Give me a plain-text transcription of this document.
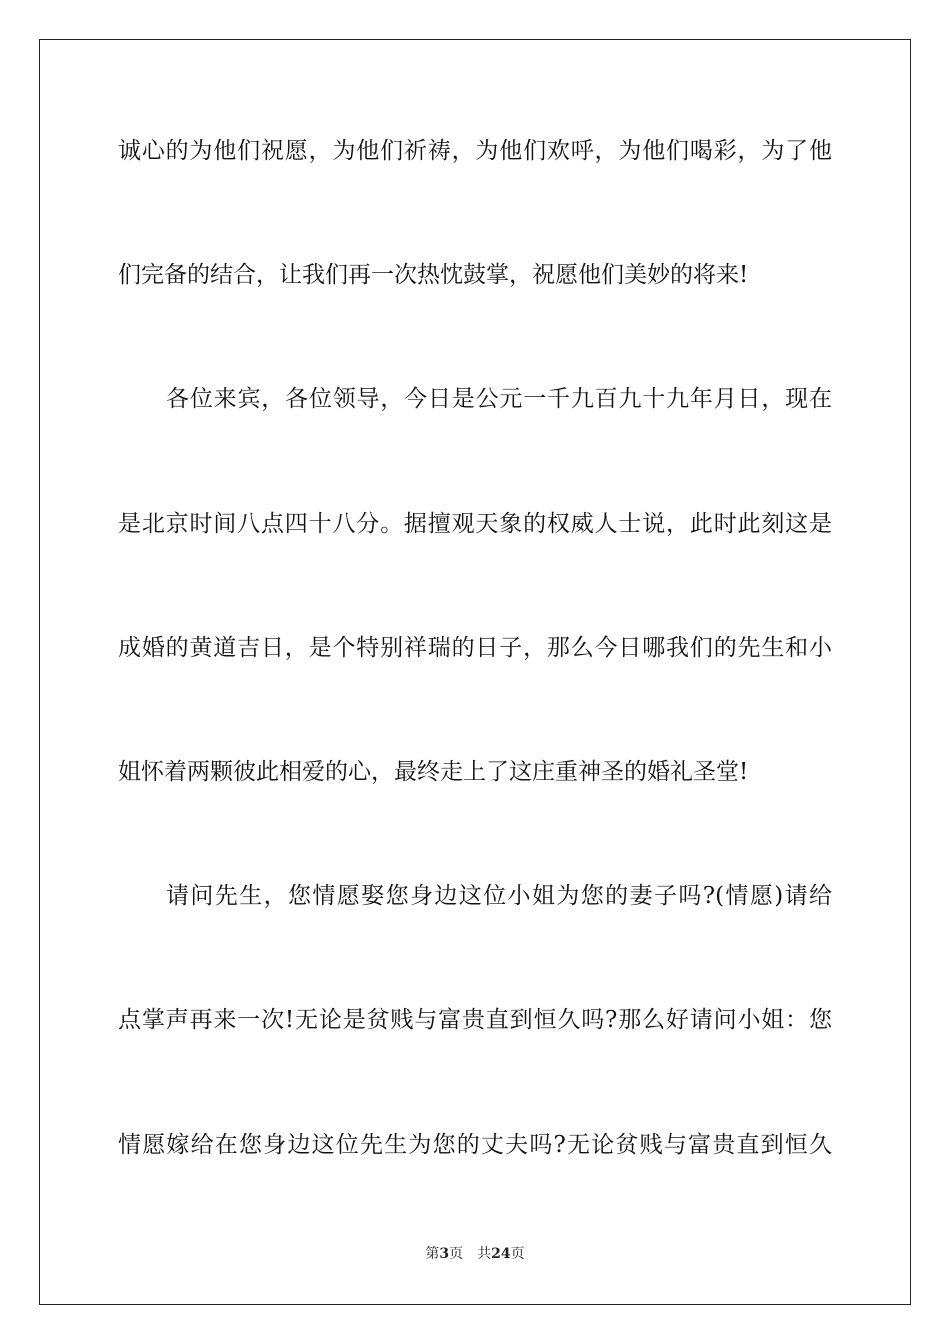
诚心的为他们祝愿，为他们祈祷，为他们欢呼，为他们喝彩，为了他
们完备的结合，让我们再一次热忱鼓掌，祝愿他们美妙的将来!
各位来宾，各位领导，今日是公元一千九百九十九年月日，现在
是北京时间八点四十八分。据擅观天象的权威人士说，此时此刻这是
成婚的黄道吉日，是个特别祥瑞的日子，那么今日哪我们的先生和小
姐怀着两颗彼此相爱的心，最终走上了这庄重神圣的婚礼圣堂!
请问先生，您情愿娶您身边这位小姐为您的妻子吗?(情愿)请给
点掌声再来一次!无论是贫贱与富贵直到恒久吗?那么好请问小姐：您
情愿嫁给在您身边这位先生为您的丈夫吗?无论贫贱与富贵直到恒久
第3页 共24页
